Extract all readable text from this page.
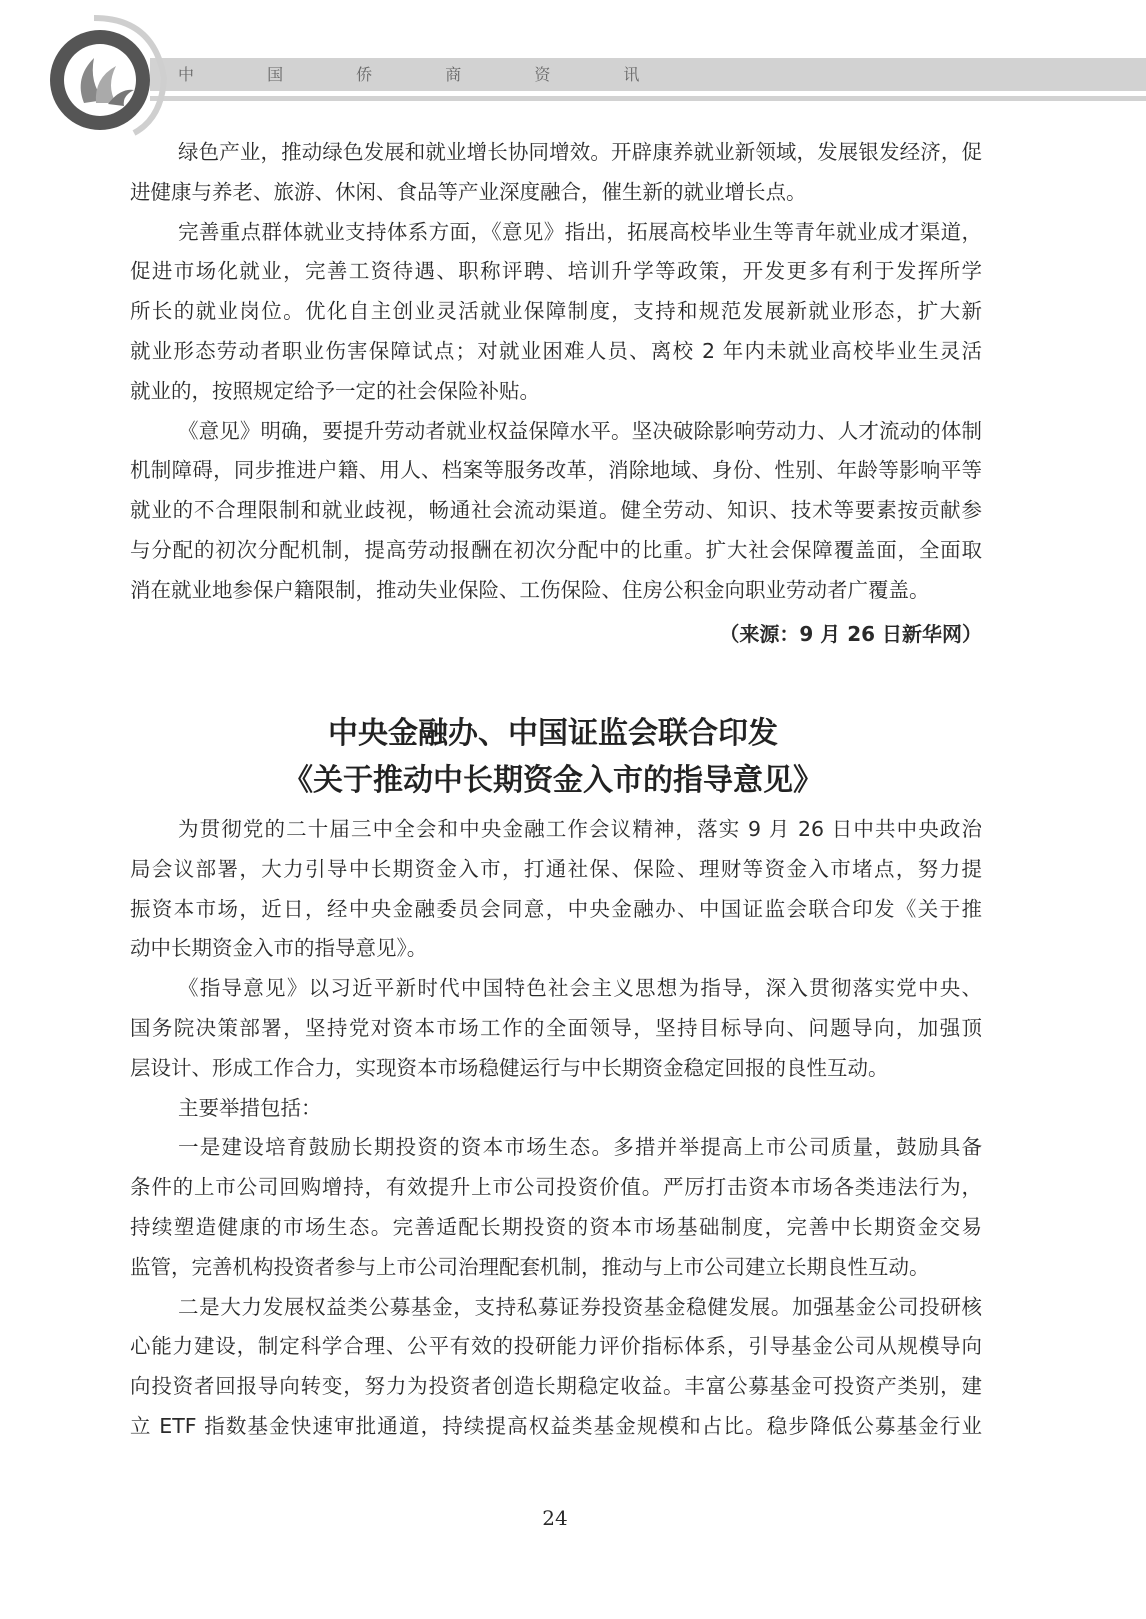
中 国 侨 商 资 讯
绿色产业，推动绿色发展和就业增长协同增效。开辟康养就业新领域，发展银发经济，促
进健康与养老、旅游、休闲、食品等产业深度融合，催生新的就业增长点。
完善重点群体就业支持体系方面，《意见》指出，拓展高校毕业生等青年就业成才渠道，
促进市场化就业，完善工资待遇、职称评聘、培训升学等政策，开发更多有利于发挥所学
所长的就业岗位。优化自主创业灵活就业保障制度，支持和规范发展新就业形态，扩大新
就业形态劳动者职业伤害保障试点；对就业困难人员、离校 2 年内未就业高校毕业生灵活
就业的，按照规定给予一定的社会保险补贴。
《意见》明确，要提升劳动者就业权益保障水平。坚决破除影响劳动力、人才流动的体制
机制障碍，同步推进户籍、用人、档案等服务改革，消除地域、身份、性别、年龄等影响平等
就业的不合理限制和就业歧视，畅通社会流动渠道。健全劳动、知识、技术等要素按贡献参
与分配的初次分配机制，提高劳动报酬在初次分配中的比重。扩大社会保障覆盖面，全面取
消在就业地参保户籍限制，推动失业保险、工伤保险、住房公积金向职业劳动者广覆盖。
（来源：9 月 26 日新华网）
中央金融办、中国证监会联合印发
《关于推动中长期资金入市的指导意见》
为贯彻党的二十届三中全会和中央金融工作会议精神，落实 9 月 26 日中共中央政治
局会议部署，大力引导中长期资金入市，打通社保、保险、理财等资金入市堵点，努力提
振资本市场，近日，经中央金融委员会同意，中央金融办、中国证监会联合印发《关于推
动中长期资金入市的指导意见》。
《指导意见》以习近平新时代中国特色社会主义思想为指导，深入贯彻落实党中央、
国务院决策部署，坚持党对资本市场工作的全面领导，坚持目标导向、问题导向，加强顶
层设计、形成工作合力，实现资本市场稳健运行与中长期资金稳定回报的良性互动。
主要举措包括：
一是建设培育鼓励长期投资的资本市场生态。多措并举提高上市公司质量，鼓励具备
条件的上市公司回购增持，有效提升上市公司投资价值。严厉打击资本市场各类违法行为，
持续塑造健康的市场生态。完善适配长期投资的资本市场基础制度，完善中长期资金交易
监管，完善机构投资者参与上市公司治理配套机制，推动与上市公司建立长期良性互动。
二是大力发展权益类公募基金，支持私募证券投资基金稳健发展。加强基金公司投研核
心能力建设，制定科学合理、公平有效的投研能力评价指标体系，引导基金公司从规模导向
向投资者回报导向转变，努力为投资者创造长期稳定收益。丰富公募基金可投资产类别，建
立 ETF 指数基金快速审批通道，持续提高权益类基金规模和占比。稳步降低公募基金行业
24
